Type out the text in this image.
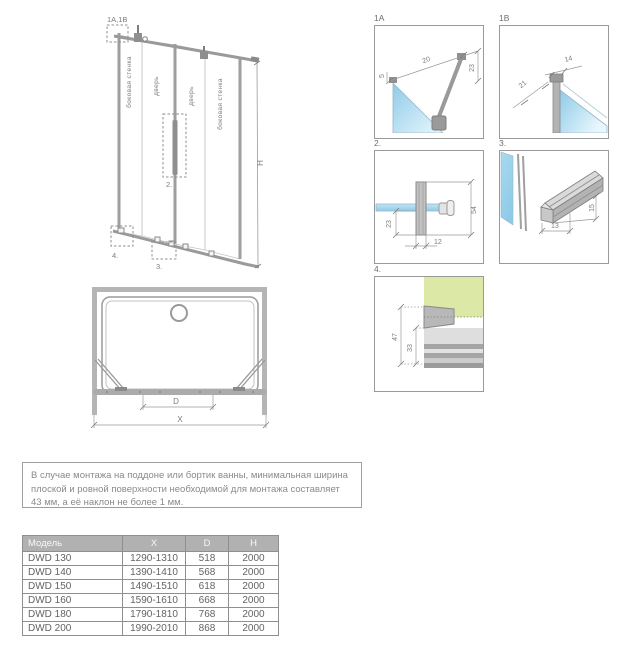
1A,1B
2.
3.
4.
боковая стенка	дверь
дверь	боковая стенка
H
1A
20
23
5
1B
14
21
2.
54
23
12
3.
13
15
4.
47
33
D
X
В случае монтажа на поддоне или бортик ванны, минимальная ширина
плоской и ровной поверхности необходимой для монтажа составляет
43 мм, а её наклон не более 1 мм.
Модель	X	D	H
DWD 130	1290-1310	518	2000
DWD 140	1390-1410	568	2000
DWD 150	1490-1510	618	2000
DWD 160	1590-1610	668	2000
DWD 180	1790-1810	768	2000
DWD 200	1990-2010	868	2000
